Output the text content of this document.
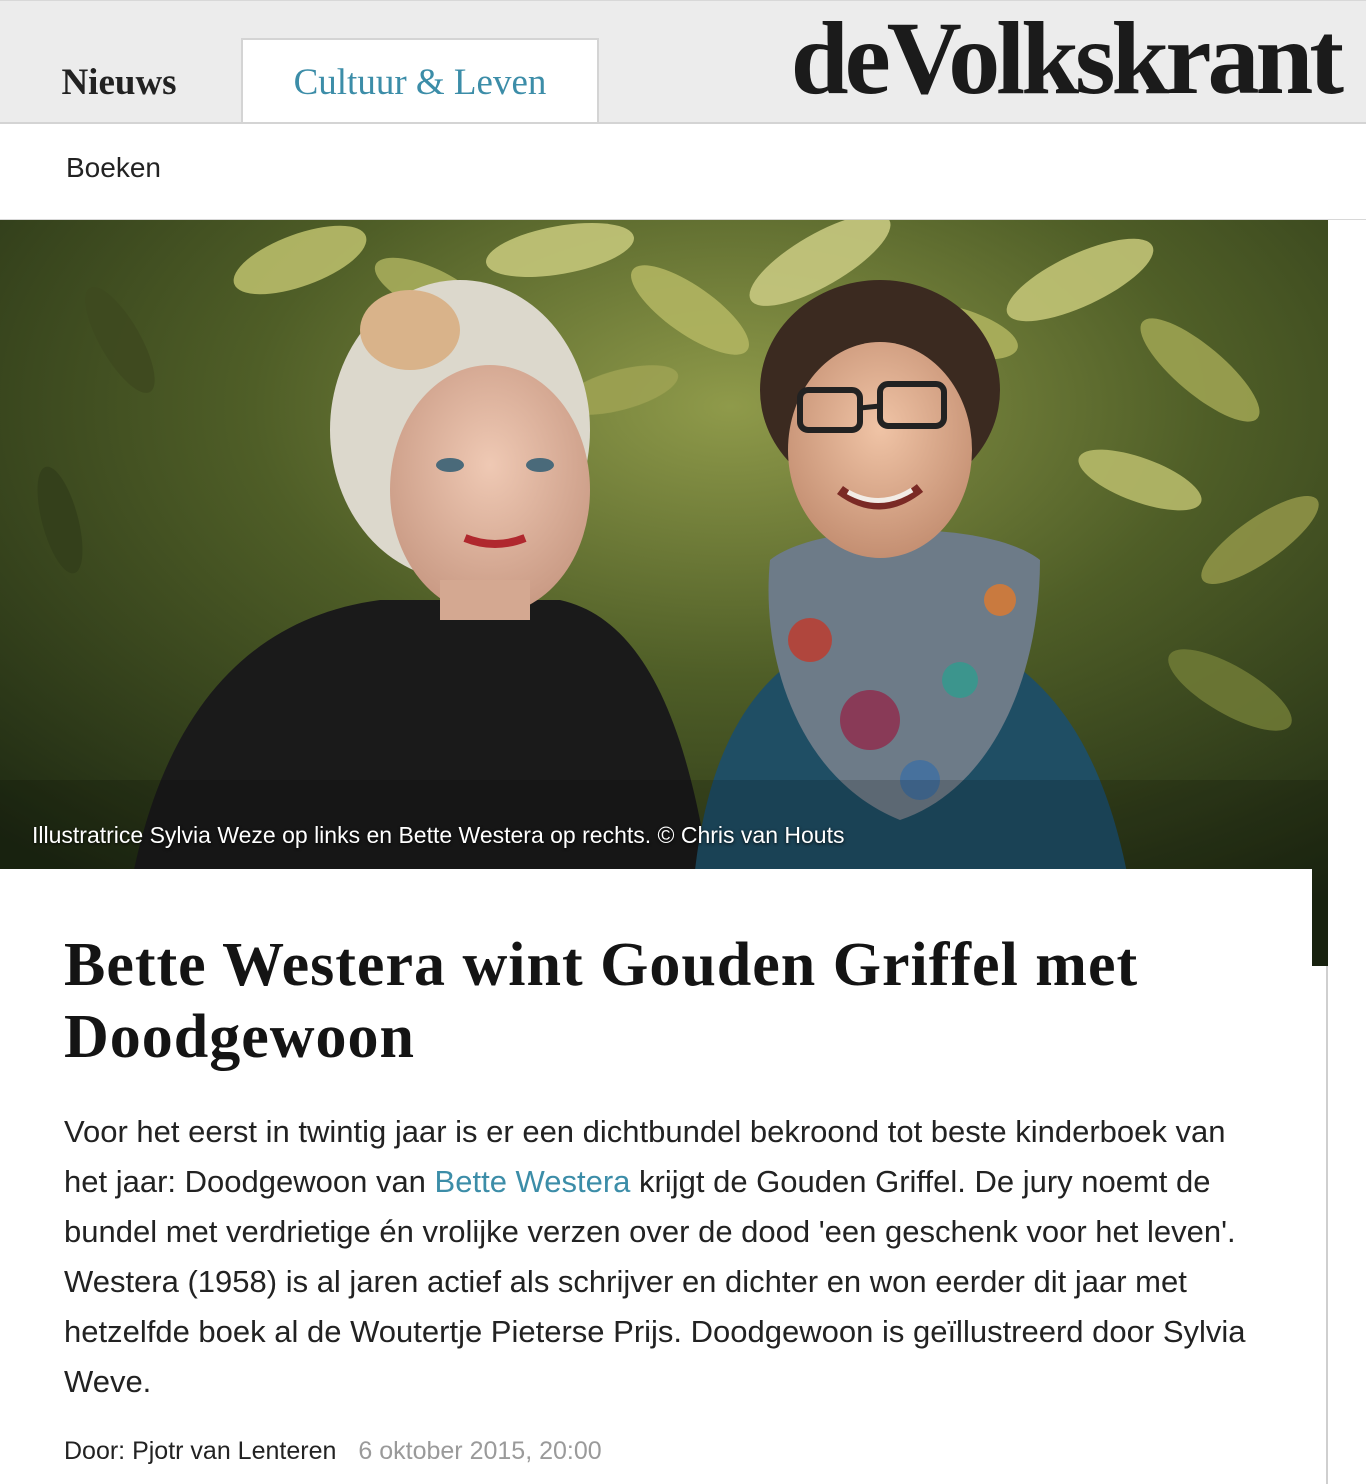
Nieuws	Cultuur & Leven deVolkskrant
Boeken
Illustratrice Sylvia Weze op links en Bette Westera op rechts. © Chris van Houts
Bette Westera wint Gouden Griffel met Doodgewoon

Voor het eerst in twintig jaar is er een dichtbundel bekroond tot beste kinderboek van het jaar: Doodgewoon van Bette Westera krijgt de Gouden Griffel. De jury noemt de bundel met verdrietige én vrolijke verzen over de dood 'een geschenk voor het leven'. Westera (1958) is al jaren actief als schrijver en dichter en won eerder dit jaar met hetzelfde boek al de Woutertje Pieterse Prijs. Doodgewoon is geïllustreerd door Sylvia Weve.

Door: Pjotr van Lenteren 6 oktober 2015, 20:00
